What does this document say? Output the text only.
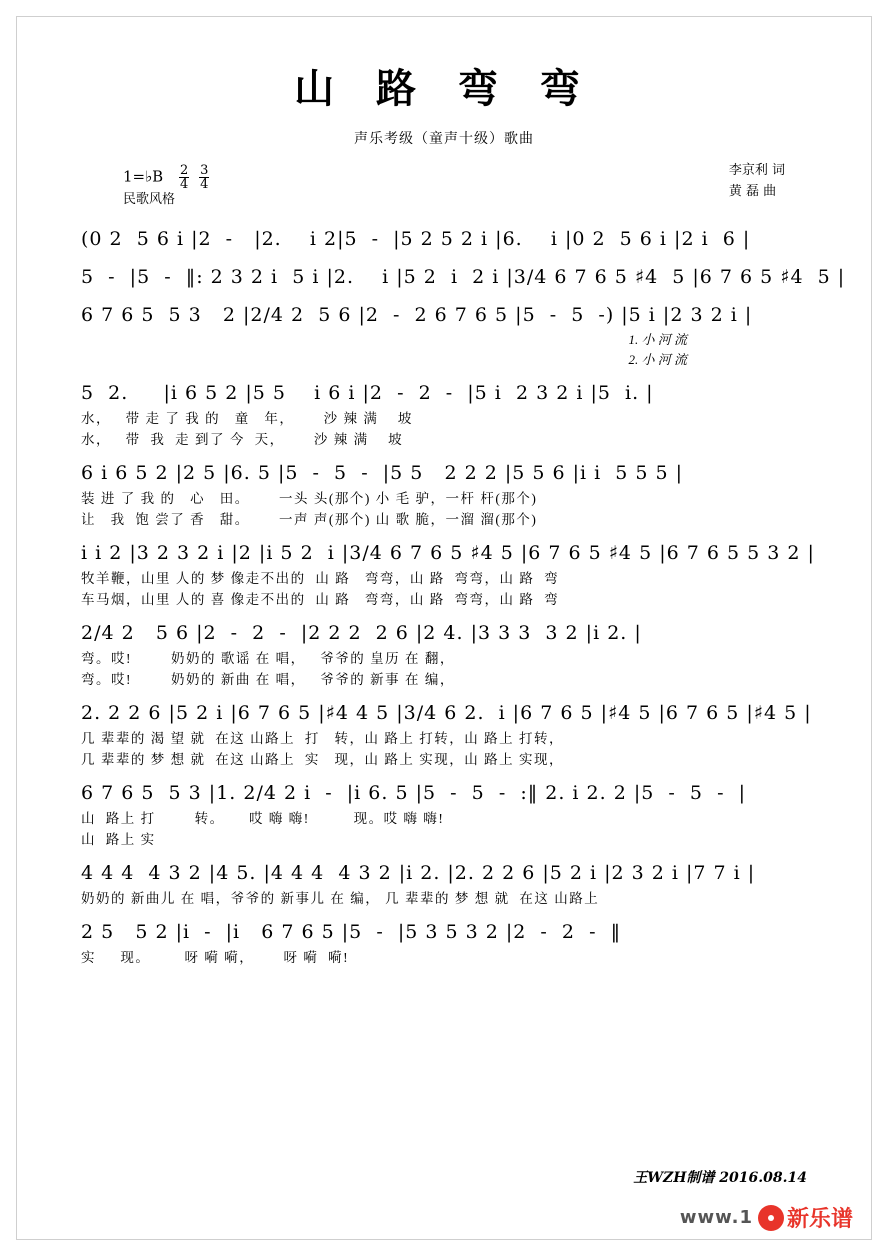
山 路 弯 弯
声乐考级（童声十级）歌曲
1=♭B $\frac{2}{4}$
$\frac{3}{4}$
民歌风格
李京利 词
黄 磊 曲
(0 2  5 6 i |2  -   |2.    i 2|5  -  |5 2 5 2 i |6.    i |0 2  5 6 i |2 i  6 |
5  -  |5  -  ‖: 2 3 2 i  5 i |2.    i |5 2  i  2 i |3/4 6 7 6 5 ♯4  5 |6 7 6 5 ♯4  5 |
6 7 6 5  5 3   2 |2/4 2  5 6 |2  -  2 6 7 6 5 |5  -  5  -) |5 i |2 3 2 i |
1. 小 河 流
2. 小 河 流
5  2.     |i 6 5 2 |5 5    i 6 i |2  -  2  -  |5 i  2 3 2 i |5  i. |
水，   带 走 了 我 的   童   年，      沙 辣 满    坡
水，   带  我  走 到了 今  天，      沙 辣 满    坡
6 i 6 5 2 |2 5 |6. 5 |5  -  5  -  |5 5   2 2 2 |5 5 6 |i i  5 5 5 |
装 进 了 我 的   心   田。      一头 头(那个) 小 毛 驴，一杆 杆(那个)
让   我  饱 尝了 香   甜。      一声 声(那个) 山 歌 脆，一溜 溜(那个)
i i 2 |3 2 3 2 i |2 |i 5 2  i |3/4 6 7 6 5 ♯4 5 |6 7 6 5 ♯4 5 |6 7 6 5 5 3 2 |
牧羊鞭，山里 人的 梦 像走不出的  山 路   弯弯，山 路  弯弯，山 路  弯
车马烟，山里 人的 喜 像走不出的  山 路   弯弯，山 路  弯弯，山 路  弯
2/4 2   5 6 |2  -  2  -  |2 2 2  2 6 |2 4. |3 3 3  3 2 |i 2. |
弯。哎!        奶奶的 歌谣 在 唱，   爷爷的 皇历 在 翻，
弯。哎!        奶奶的 新曲 在 唱，   爷爷的 新事 在 编，
2. 2 2 6 |5 2 i |6 7 6 5 |♯4 4 5 |3/4 6 2.  i |6 7 6 5 |♯4 5 |6 7 6 5 |♯4 5 |
几 辈辈的 渴 望 就  在这 山路上  打   转，山 路上 打转，山 路上 打转，
几 辈辈的 梦 想 就  在这 山路上  实   现，山 路上 实现，山 路上 实现，
6 7 6 5  5 3 |1. 2/4 2 i  -  |i 6. 5 |5  -  5  -  :‖ 2. i 2. 2 |5  -  5  -  |
山  路上 打        转。     哎 嗨 嗨!         现。哎 嗨 嗨!
山  路上 实
4 4 4  4 3 2 |4 5. |4 4 4  4 3 2 |i 2. |2. 2 2 6 |5 2 i |2 3 2 i |7 7 i |
奶奶的 新曲儿 在 唱，爷爷的 新事儿 在 编， 几 辈辈的 梦 想 就  在这 山路上
2 5   5 2 |i  -  |i   6 7 6 5 |5  -  |5 3 5 3 2 |2  -  2  -  ‖
实     现。       呀 嗬 嗬，      呀 嗬  嗬!
王WZH制谱 2016.08.14
www.1 新乐谱
